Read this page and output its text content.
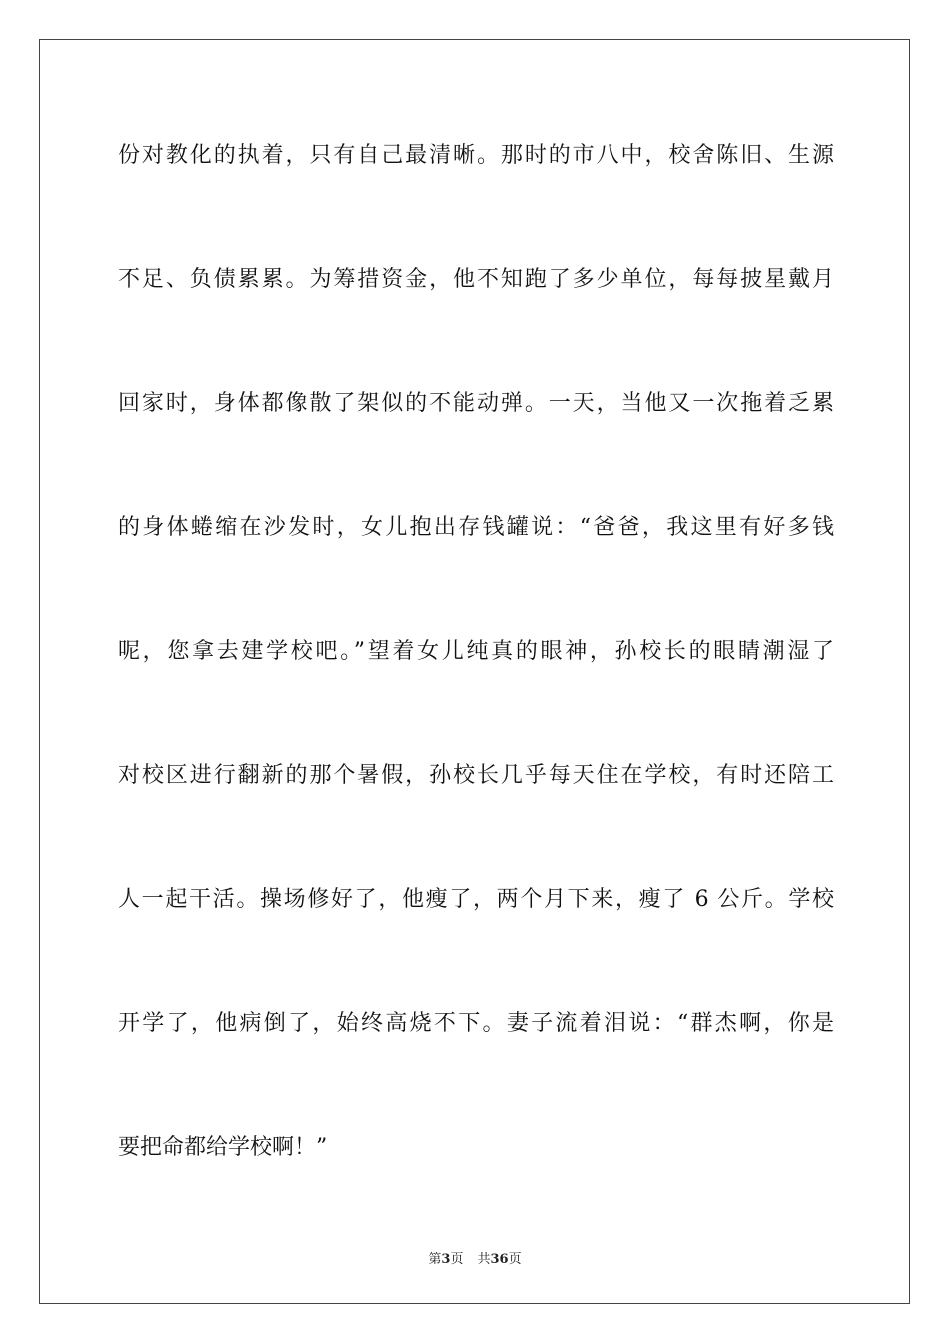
份对教化的执着，只有自己最清晰。那时的市八中，校舍陈旧、生源
不足、负债累累。为筹措资金，他不知跑了多少单位，每每披星戴月
回家时，身体都像散了架似的不能动弹。一天，当他又一次拖着乏累
的身体蜷缩在沙发时，女儿抱出存钱罐说：“爸爸，我这里有好多钱
呢，您拿去建学校吧。”望着女儿纯真的眼神，孙校长的眼睛潮湿了
对校区进行翻新的那个暑假，孙校长几乎每天住在学校，有时还陪工
人一起干活。操场修好了，他瘦了，两个月下来，瘦了 6 公斤。学校
开学了，他病倒了，始终高烧不下。妻子流着泪说：“群杰啊，你是
要把命都给学校啊！”
第3页 共36页
